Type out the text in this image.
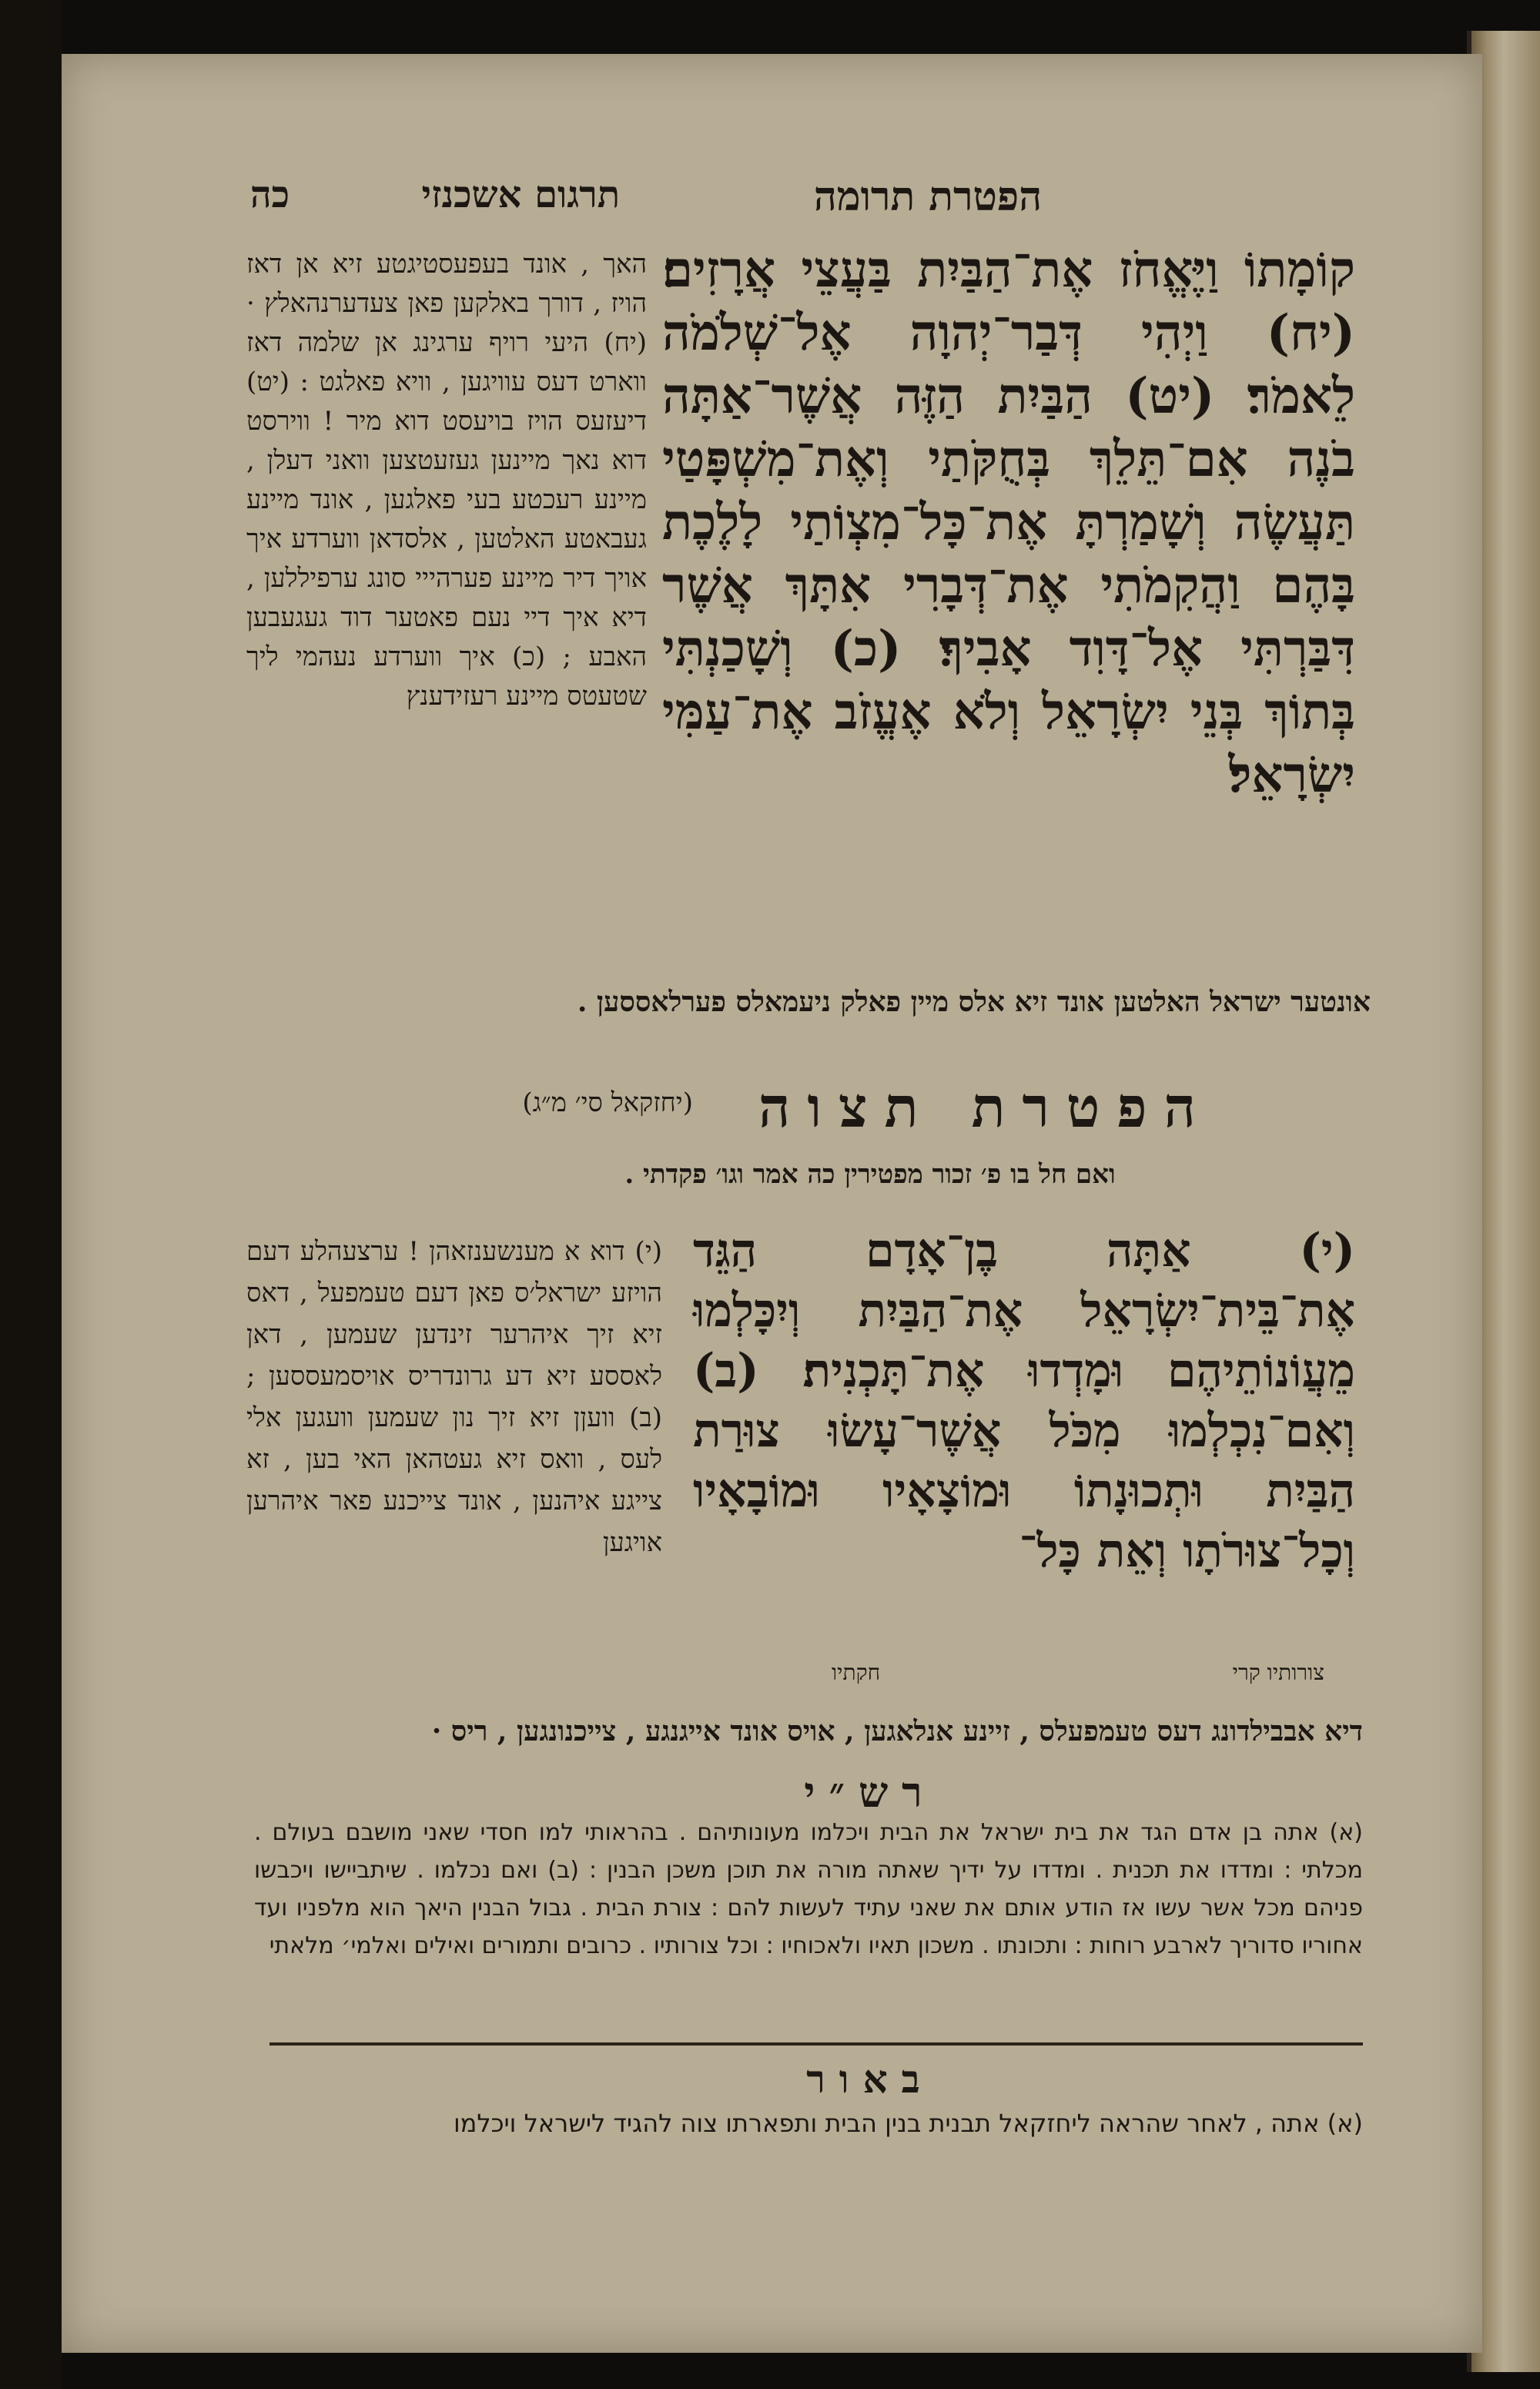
הפטרת תרומה
תרגום אשכנזי
כה
קוֹמָתוֹ וַיֶּאֱחֹז אֶת־הַבַּיִת בַּעֲצֵי אֲרָזִים׃ (יח) וַיְהִי דְּבַר־יְהוָה אֶל־שְׁלֹמֹה לֵאמֹר׃ (יט) הַבַּיִת הַזֶּה אֲשֶׁר־אַתָּה בֹנֶה אִם־תֵּלֵךְ בְּחֻקֹּתַי וְאֶת־מִשְׁפָּטַי תַּעֲשֶׂה וְשָׁמַרְתָּ אֶת־כָּל־מִצְוֹתַי לָלֶכֶת בָּהֶם וַהֲקִמֹתִי אֶת־דְּבָרִי אִתָּךְ אֲשֶׁר דִּבַּרְתִּי אֶל־דָּוִד אָבִיךָ׃ (כ) וְשָׁכַנְתִּי בְּתוֹךְ בְּנֵי יִשְׂרָאֵל וְלֹא אֶעֱזֹב אֶת־עַמִּי יִשְׂרָאֵל׃
האך , אונד בעפעסטיגטע זיא אן דאז הויז , דורך באלקען פאן צעדערנהאלץ · (יח) היעי רויף ערגינג אן שלמה דאז ווארט דעס עוויגען , וויא פאלגט : (יט) דיעזעס הויז בויעסט דוא מיר ! ווירסט דוא נאך מיינען געזעטצען וואני דעלן , מיינע רעכטע בעי פאלגען , אונד מיינע געבאטע האלטען , אלסדאן ווערדע איך אויך דיר מיינע פערהייי סונג ערפיללען , דיא איך דיי נעם פאטער דוד געגעבען האבע ; (כ) איך ווערדע נעהמי ליך שטעטס מיינע רעזידענץ
אונטער ישראל האלטען אונד זיא אלס מיין פאלק ניעמאלס פערלאססען .
הפטרת תצוה
(יחזקאל סי׳ מ״ג)
ואם חל בו פ׳ זכור מפטירין כה אמר וגו׳ פקדתי .
(י) אַתָּה בֶן־אָדָם הַגֵּד אֶת־בֵּית־יִשְׂרָאֵל אֶת־הַבַּיִת וְיִכָּלְמוּ מֵעֲוֹנוֹתֵיהֶם וּמָדְדוּ אֶת־תָּכְנִית׃ (ב) וְאִם־נִכְלְמוּ מִכֹּל אֲשֶׁר־עָשׂוּ צוּרַת הַבַּיִת וּתְכוּנָתוֹ וּמוֹצָאָיו וּמוֹבָאָיו וְכָל־צוּרֹתָו וְאֵת כָּל־
צורותיו קרי
חקתיו
(י) דוא א מענשענזאהן ! ערצעהלע דעם הויזע ישראל׳ס פאן דעם טעמפעל , דאס זיא זיך איהרער זינדען שעמען , דאן לאססע זיא דע גרונדריס אויסמעססען ; (ב) וועןן זיא זיך נון שעמען וועגען אלי לעס , וואס זיא געטהאן האי בען , זא צייגע איהנען , אונד צייכנע פאר איהרען אויגען
דיא אבבילדונג דעס טעמפעלס , זיינע אנלאגען , אויס אונד אייגנגע , צייכנונגען , ריס ·
רש״י
(א) אתה בן אדם הגד את בית ישראל את הבית ויכלמו מעונותיהם . בהראותי למו חסדי שאני מושבם בעולם . מכלתי : ומדדו את תכנית . ומדדו על ידיך שאתה מורה את תוכן משכן הבנין : (ב) ואם נכלמו . שיתביישו ויכבשו פניהם מכל אשר עשו אז הודע אותם את שאני עתיד לעשות להם : צורת הבית . גבול הבנין היאך הוא מלפניו ועד אחוריו סדוריך לארבע רוחות : ותכונתו . משכון תאיו ולאכוחיו : וכל צורותיו . כרובים ותמורים ואילים ואלמי׳ מלאתי
באור
(א) אתה , לאחר שהראה ליחזקאל תבנית בנין הבית ותפארתו צוה להגיד לישראל ויכלמו
